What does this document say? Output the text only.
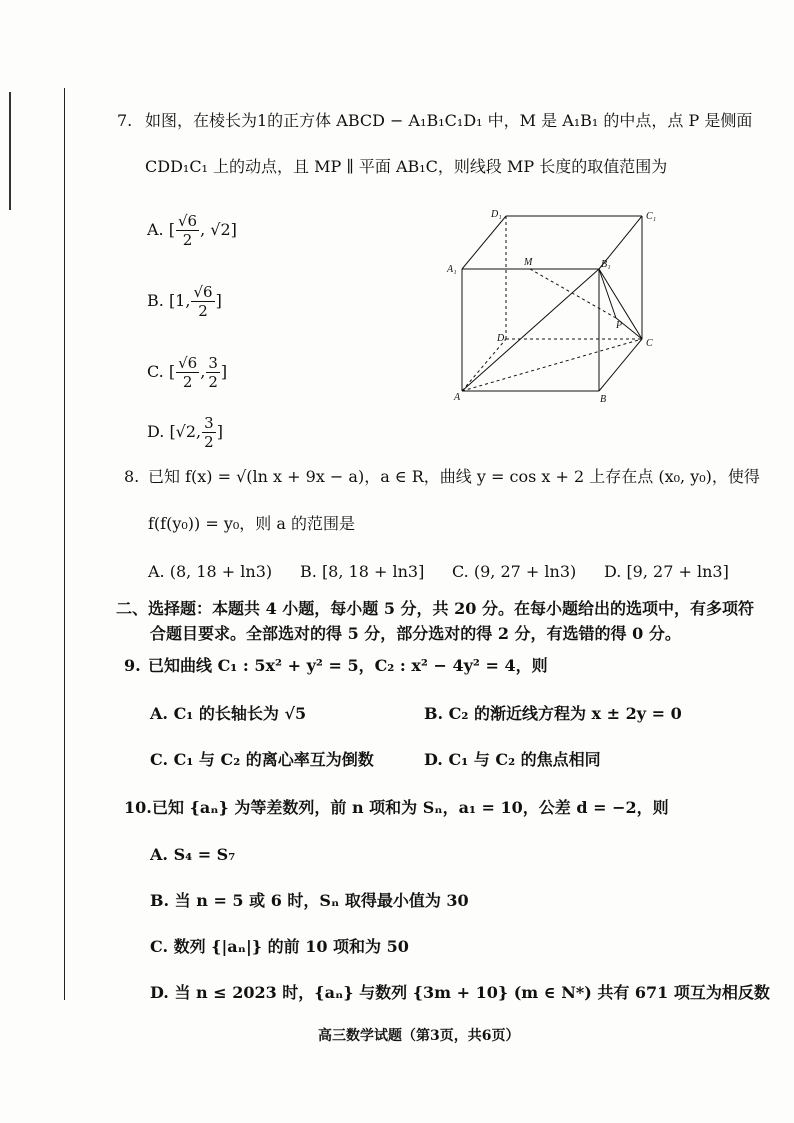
7. 如图，在棱长为1的正方体 ABCD − A₁B₁C₁D₁ 中，M 是 A₁B₁ 的中点，点 P 是侧面
CDD₁C₁ 上的动点，且 MP ∥ 平面 AB₁C，则线段 MP 长度的取值范围为
A. [ $\frac{√6}{2}$ , √2]
B. [1, $\frac{√6}{2}$ ]
C. [ $\frac{√6}{2}$ , $\frac{3}{2}$ ]
D. [√2, $\frac{3}{2}$ ]
D₁	C₁
A₁
M	B₁
P
D	C
A	B
8. 已知 f(x) = √(ln x + 9x − a)，a ∈ R，曲线 y = cos x + 2 上存在点 (x₀, y₀)，使得
f(f(y₀)) = y₀，则 a 的范围是
A. (8, 18 + ln3) B. [8, 18 + ln3] C. (9, 27 + ln3) D. [9, 27 + ln3]
二、选择题：本题共 4 小题，每小题 5 分，共 20 分。在每小题给出的选项中，有多项符
合题目要求。全部选对的得 5 分，部分选对的得 2 分，有选错的得 0 分。
9. 已知曲线 C₁ : 5x² + y² = 5，C₂ : x² − 4y² = 4，则
A. C₁ 的长轴长为 √5	B. C₂ 的渐近线方程为 x ± 2y = 0
C. C₁ 与 C₂ 的离心率互为倒数	D. C₁ 与 C₂ 的焦点相同
10. 已知 {aₙ} 为等差数列，前 n 项和为 Sₙ，a₁ = 10，公差 d = −2，则
A. S₄ = S₇
B. 当 n = 5 或 6 时，Sₙ 取得最小值为 30
C. 数列 {|aₙ|} 的前 10 项和为 50
D. 当 n ≤ 2023 时，{aₙ} 与数列 {3m + 10} (m ∈ N*) 共有 671 项互为相反数
高三数学试题（第3页，共6页）
